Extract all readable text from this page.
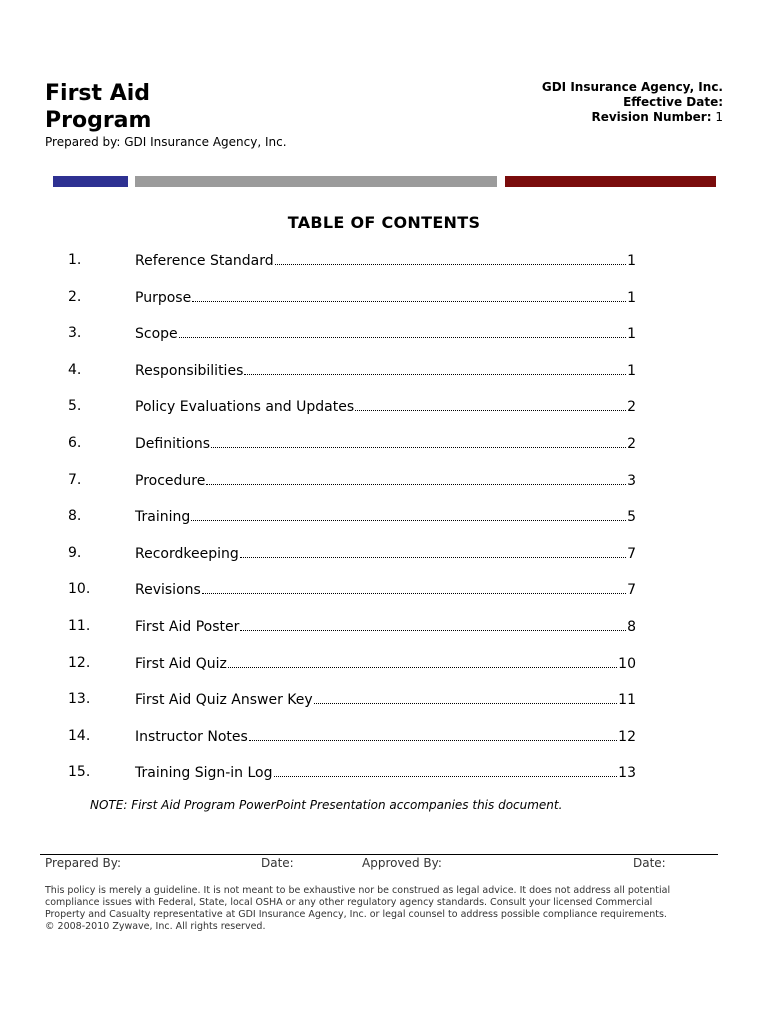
First Aid
Program
Prepared by: GDI Insurance Agency, Inc.
GDI Insurance Agency, Inc.
Effective Date:
Revision Number: 1
TABLE OF CONTENTS
1.	Reference Standard	1
2.	Purpose	1
3.	Scope	1
4.	Responsibilities	1
5.	Policy Evaluations and Updates	2
6.	Definitions	2
7.	Procedure	3
8.	Training	5
9.	Recordkeeping	7
10.	Revisions	7
11.	First Aid Poster	8
12.	First Aid Quiz	10
13.	First Aid Quiz Answer Key	11
14.	Instructor Notes	12
15.	Training Sign-in Log	13
NOTE: First Aid Program PowerPoint Presentation accompanies this document.
Prepared By:	Date:	Approved By:	Date:
This policy is merely a guideline. It is not meant to be exhaustive nor be construed as legal advice. It does not address all potential
compliance issues with Federal, State, local OSHA or any other regulatory agency standards. Consult your licensed Commercial
Property and Casualty representative at GDI Insurance Agency, Inc. or legal counsel to address possible compliance requirements.
© 2008-2010 Zywave, Inc. All rights reserved.
